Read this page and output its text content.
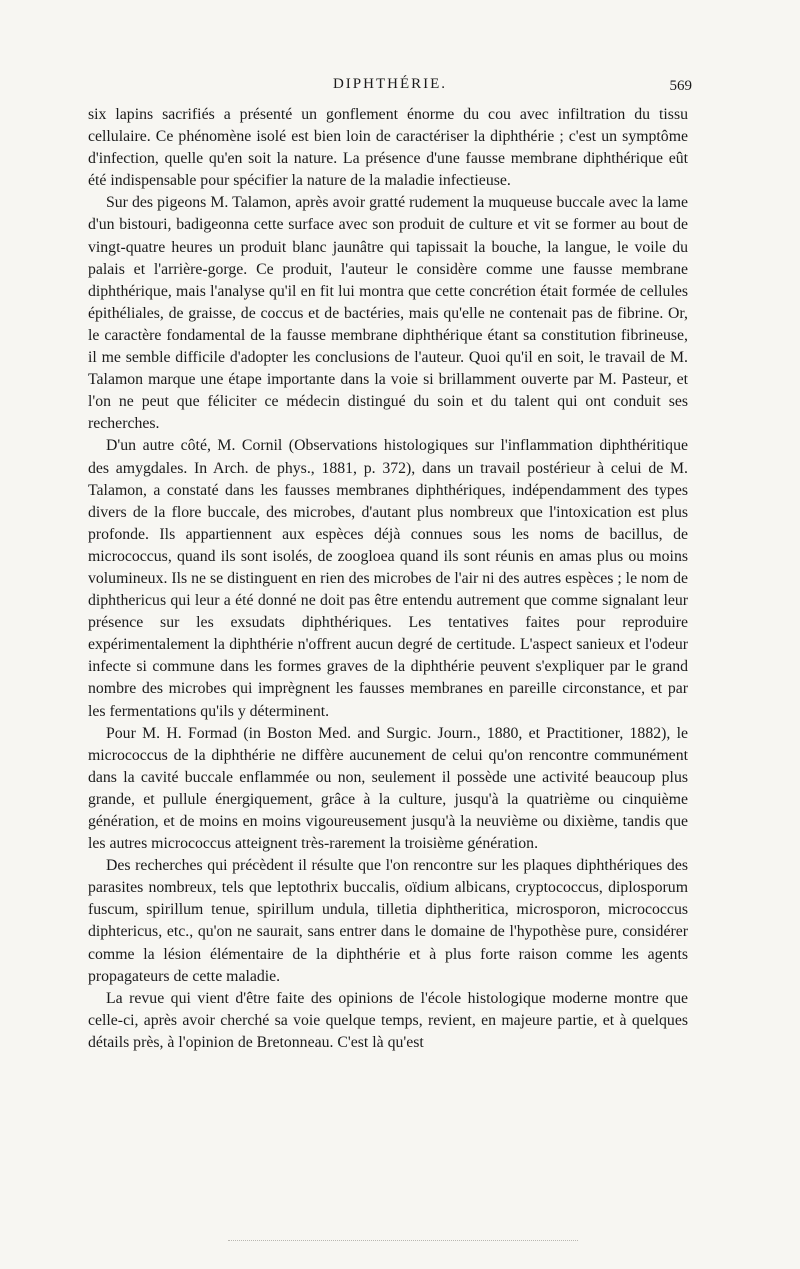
DIPHTHÉRIE.	569

six lapins sacrifiés a présenté un gonflement énorme du cou avec infiltration du tissu cellulaire. Ce phénomène isolé est bien loin de caractériser la diphthérie ; c'est un symptôme d'infection, quelle qu'en soit la nature. La présence d'une fausse membrane diphthérique eût été indispensable pour spécifier la nature de la maladie infectieuse.

Sur des pigeons M. Talamon, après avoir gratté rudement la muqueuse buccale avec la lame d'un bistouri, badigeonna cette surface avec son produit de culture et vit se former au bout de vingt-quatre heures un produit blanc jaunâtre qui tapissait la bouche, la langue, le voile du palais et l'arrière-gorge. Ce produit, l'auteur le considère comme une fausse membrane diphthérique, mais l'analyse qu'il en fit lui montra que cette concrétion était formée de cellules épithéliales, de graisse, de coccus et de bactéries, mais qu'elle ne contenait pas de fibrine. Or, le caractère fondamental de la fausse membrane diphthérique étant sa constitution fibrineuse, il me semble difficile d'adopter les conclusions de l'auteur. Quoi qu'il en soit, le travail de M. Talamon marque une étape importante dans la voie si brillamment ouverte par M. Pasteur, et l'on ne peut que féliciter ce médecin distingué du soin et du talent qui ont conduit ses recherches.

D'un autre côté, M. Cornil (Observations histologiques sur l'inflammation diphthéritique des amygdales. In Arch. de phys., 1881, p. 372), dans un travail postérieur à celui de M. Talamon, a constaté dans les fausses membranes diphthériques, indépendamment des types divers de la flore buccale, des microbes, d'autant plus nombreux que l'intoxication est plus profonde. Ils appartiennent aux espèces déjà connues sous les noms de bacillus, de micrococcus, quand ils sont isolés, de zoogloea quand ils sont réunis en amas plus ou moins volumineux. Ils ne se distinguent en rien des microbes de l'air ni des autres espèces ; le nom de diphthericus qui leur a été donné ne doit pas être entendu autrement que comme signalant leur présence sur les exsudats diphthériques. Les tentatives faites pour reproduire expérimentalement la diphthérie n'offrent aucun degré de certitude. L'aspect sanieux et l'odeur infecte si commune dans les formes graves de la diphthérie peuvent s'expliquer par le grand nombre des microbes qui imprègnent les fausses membranes en pareille circonstance, et par les fermentations qu'ils y déterminent.

Pour M. H. Formad (in Boston Med. and Surgic. Journ., 1880, et Practitioner, 1882), le micrococcus de la diphthérie ne diffère aucunement de celui qu'on rencontre communément dans la cavité buccale enflammée ou non, seulement il possède une activité beaucoup plus grande, et pullule énergiquement, grâce à la culture, jusqu'à la quatrième ou cinquième génération, et de moins en moins vigoureusement jusqu'à la neuvième ou dixième, tandis que les autres micrococcus atteignent très-rarement la troisième génération.

Des recherches qui précèdent il résulte que l'on rencontre sur les plaques diphthériques des parasites nombreux, tels que leptothrix buccalis, oïdium albicans, cryptococcus, diplosporum fuscum, spirillum tenue, spirillum undula, tilletia diphtheritica, microsporon, micrococcus diphtericus, etc., qu'on ne saurait, sans entrer dans le domaine de l'hypothèse pure, considérer comme la lésion élémentaire de la diphthérie et à plus forte raison comme les agents propagateurs de cette maladie.

La revue qui vient d'être faite des opinions de l'école histologique moderne montre que celle-ci, après avoir cherché sa voie quelque temps, revient, en majeure partie, et à quelques détails près, à l'opinion de Bretonneau. C'est là qu'est
